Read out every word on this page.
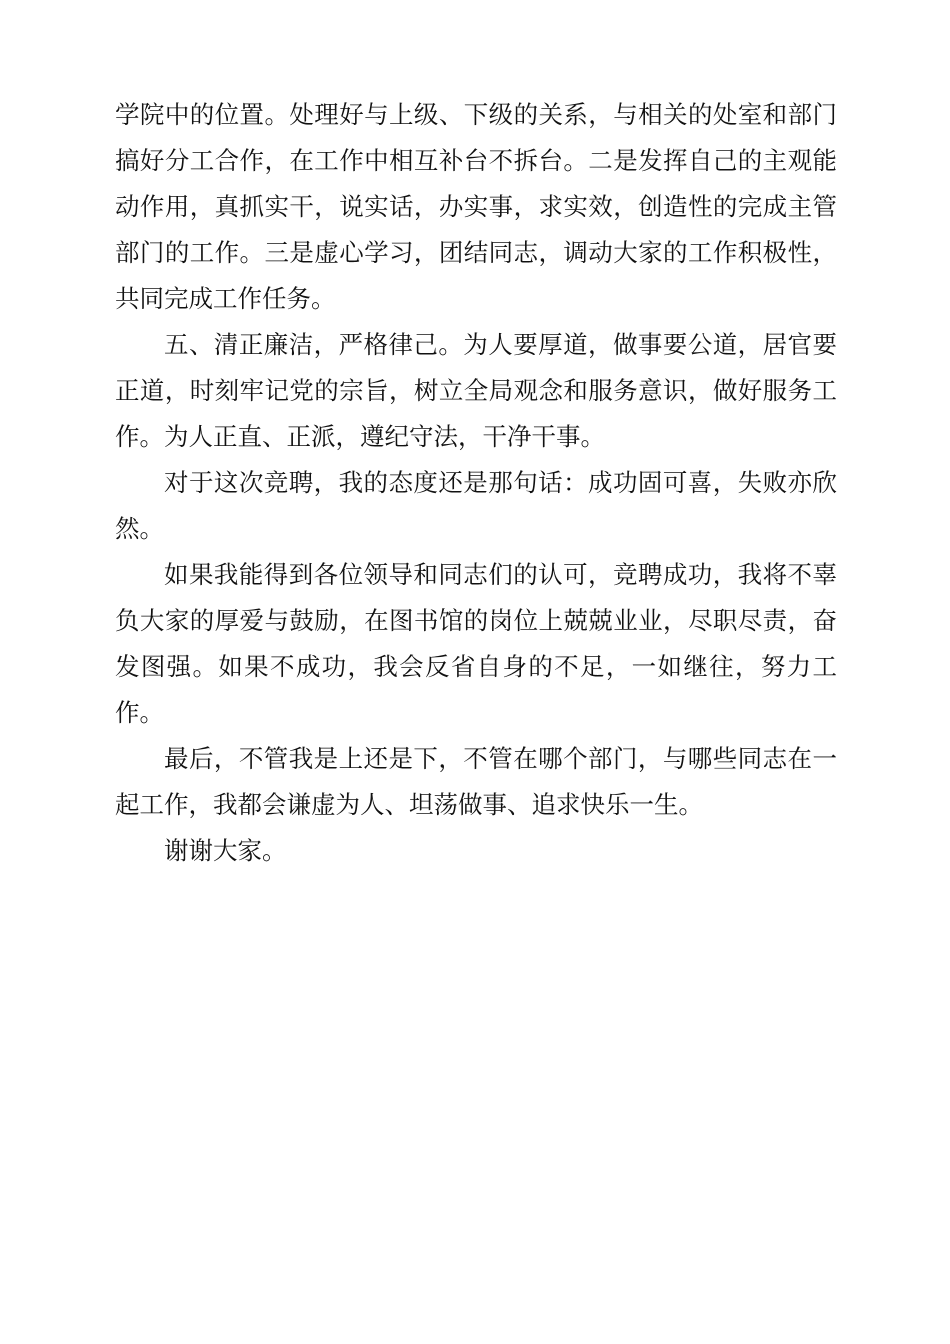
学院中的位置。处理好与上级、下级的关系，与相关的处室和部门搞好分工合作，在工作中相互补台不拆台。二是发挥自己的主观能动作用，真抓实干，说实话，办实事，求实效，创造性的完成主管部门的工作。三是虚心学习，团结同志，调动大家的工作积极性，共同完成工作任务。

五、清正廉洁，严格律己。为人要厚道，做事要公道，居官要正道，时刻牢记党的宗旨，树立全局观念和服务意识，做好服务工作。为人正直、正派，遵纪守法，干净干事。

对于这次竞聘，我的态度还是那句话：成功固可喜，失败亦欣然。

如果我能得到各位领导和同志们的认可，竞聘成功，我将不辜负大家的厚爱与鼓励，在图书馆的岗位上兢兢业业，尽职尽责，奋发图强。如果不成功，我会反省自身的不足，一如继往，努力工作。

最后，不管我是上还是下，不管在哪个部门，与哪些同志在一起工作，我都会谦虚为人、坦荡做事、追求快乐一生。

谢谢大家。
